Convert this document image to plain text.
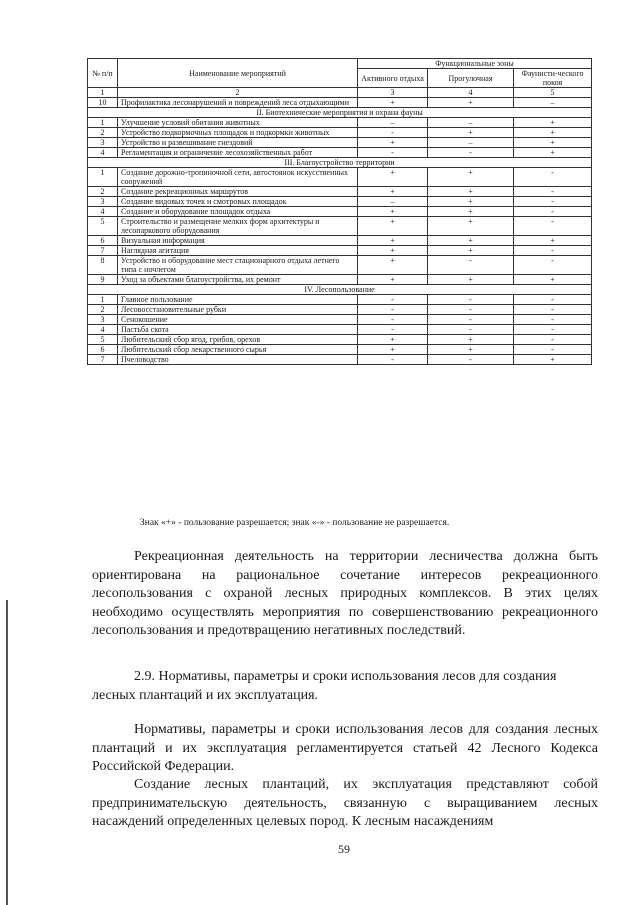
№ п/п	Наименование мероприятий	Функциональные зоны		
		Активного отдыха	Прогулочная	Фаунисти-ческого покоя
1	2	3	4	5
10	Профилактика лесонарушений и повреждений леса отдыхающими	+	+	–
II. Биотехнические мероприятия и охрана фауны				
1	Улучшение условий обитания животных	–	–	+
2	Устройство подкормочных площадок и подкормки животных	-	+	+
3	Устройство и развешивание гнездовий	+	–	+
4	Регламентация и ограничение лесохозяйственных работ	-	-	+
III. Благоустройство территории				
1	Создание дорожно-тропиночной сети, автостоянок искусственных сооружений	+	+	-
2	Создание рекреационных маршрутов	+	+	-
3	Создание видовых точек и смотровых площадок	–	+	-
4	Создание и оборудование площадок отдыха	+	+	-
5	Строительство и размещение мелких форм архитектуры и лесопаркового оборудования	+	+	-
6	Визуальная информация	+	+	+
7	Наглядная агитация	+	+	-
8	Устройство и оборудование мест стационарного отдыха летнего типа с ночлегом	+	-	-
9	Уход за объектами благоустройства, их ремонт	+	+	+
IV. Лесопользование				
1	Главное пользование	-	-	-
2	Лесовосстановительные рубки	-	-	-
3	Сенокошение	-	-	-
4	Пастьба скота	-	-	-
5	Любительский сбор ягод, грибов, орехов	+	+	-
6	Любительский сбор лекарственного сырья	+	+	-
7	Пчеловодство	-	-	+
Знак «+» - пользование разрешается; знак «-» - пользование не разрешается.

Рекреационная деятельность на территории лесничества должна быть ориентирована на рациональное сочетание интересов рекреационного лесопользования с охраной лесных природных комплексов. В этих целях необходимо осуществлять мероприятия по совершенствованию рекреационного лесопользования и предотвращению негативных последствий.

2.9. Нормативы, параметры и сроки использования лесов для создания лесных плантаций и их эксплуатация.

Нормативы, параметры и сроки использования лесов для создания лесных плантаций и их эксплуатация регламентируется статьей 42 Лесного Кодекса Российской Федерации.

Создание лесных плантаций, их эксплуатация представляют собой предпринимательскую деятельность, связанную с выращиванием лесных насаждений определенных целевых пород. К лесным насаждениям

59
